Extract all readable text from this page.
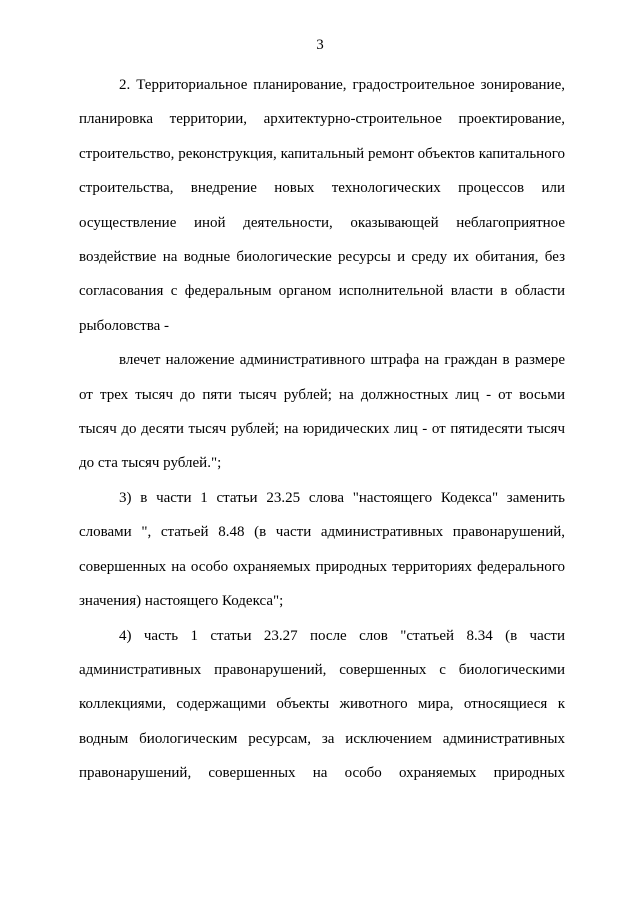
3

2. Территориальное планирование, градостроительное зонирование, планировка территории, архитектурно-строительное проектирование, строительство, реконструкция, капитальный ремонт объектов капитального строительства, внедрение новых технологических процессов или осуществление иной деятельности, оказывающей неблагоприятное воздействие на водные биологические ресурсы и среду их обитания, без согласования с федеральным органом исполнительной власти в области рыболовства -

влечет наложение административного штрафа на граждан в размере от трех тысяч до пяти тысяч рублей; на должностных лиц - от восьми тысяч до десяти тысяч рублей; на юридических лиц - от пятидесяти тысяч до ста тысяч рублей.";

3) в части 1 статьи 23.25 слова "настоящего Кодекса" заменить словами ", статьей 8.48 (в части административных правонарушений, совершенных на особо охраняемых природных территориях федерального значения) настоящего Кодекса";

4) часть 1 статьи 23.27 после слов "статьей 8.34 (в части административных правонарушений, совершенных с биологическими коллекциями, содержащими объекты животного мира, относящиеся к водным биологическим ресурсам, за исключением административных правонарушений, совершенных на особо охраняемых природных
